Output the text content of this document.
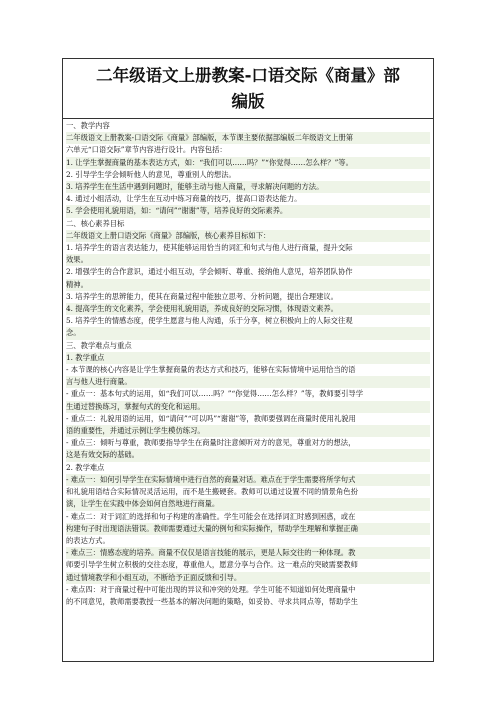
二年级语文上册教案-口语交际《商量》部
编版

一、教学内容

二年级语文上册教案-口语交际《商量》部编版，本节课主要依据部编版二年级语文上册第

六单元“口语交际”章节内容进行设计。内容包括：

1. 让学生掌握商量的基本表达方式，如：“我们可以……吗？”“你觉得……怎么样？”等。

2. 引导学生学会倾听他人的意见，尊重别人的想法。

3. 培养学生在生活中遇到问题时，能够主动与他人商量，寻求解决问题的方法。

4. 通过小组活动，让学生在互动中练习商量的技巧，提高口语表达能力。

5. 学会使用礼貌用语，如：“请问”“谢谢”等，培养良好的交际素养。

二、核心素养目标

二年级语文上册口语交际《商量》部编版，核心素养目标如下：

1. 培养学生的语言表达能力，使其能够运用恰当的词汇和句式与他人进行商量，提升交际

效果。

2. 增强学生的合作意识，通过小组互动，学会倾听、尊重、接纳他人意见，培养团队协作

精神。

3. 培养学生的思辨能力，使其在商量过程中能独立思考、分析问题，提出合理建议。

4. 提高学生的文化素养，学会使用礼貌用语，养成良好的交际习惯，体现语文素养。

5. 培养学生的情感态度，使学生愿意与他人沟通，乐于分享，树立积极向上的人际交往观

念。

三、教学难点与重点

1. 教学重点

- 本节课的核心内容是让学生掌握商量的表达方式和技巧，能够在实际情境中运用恰当的语

言与他人进行商量。

- 重点一：基本句式的运用，如“我们可以……吗？”“你觉得……怎么样？”等，教师要引导学

生通过替换练习，掌握句式的变化和运用。

- 重点二：礼貌用语的运用，如“请问”“可以吗”“谢谢”等，教师要强调在商量时使用礼貌用

语的重要性，并通过示例让学生模仿练习。

- 重点三：倾听与尊重，教师要指导学生在商量时注意倾听对方的意见，尊重对方的想法，

这是有效交际的基础。

2. 教学难点

- 难点一：如何引导学生在实际情境中进行自然的商量对话。难点在于学生需要将所学句式

和礼貌用语结合实际情况灵活运用，而不是生搬硬套。教师可以通过设置不同的情景角色扮

演，让学生在实践中体会如何自然地进行商量。

- 难点二：对于词汇的选择和句子构建的准确性。学生可能会在选择词汇时感到困惑，或在

构建句子时出现语法错误。教师需要通过大量的例句和实际操作，帮助学生理解和掌握正确

的表达方式。

- 难点三：情感态度的培养。商量不仅仅是语言技能的展示，更是人际交往的一种体现。教

师要引导学生树立积极的交往态度，尊重他人，愿意分享与合作。这一难点的突破需要教师

通过情境教学和小组互动，不断给予正面反馈和引导。

- 难点四：对于商量过程中可能出现的异议和冲突的处理。学生可能不知道如何处理商量中

的不同意见，教师需要教授一些基本的解决问题的策略，如妥协、寻求共同点等，帮助学生
